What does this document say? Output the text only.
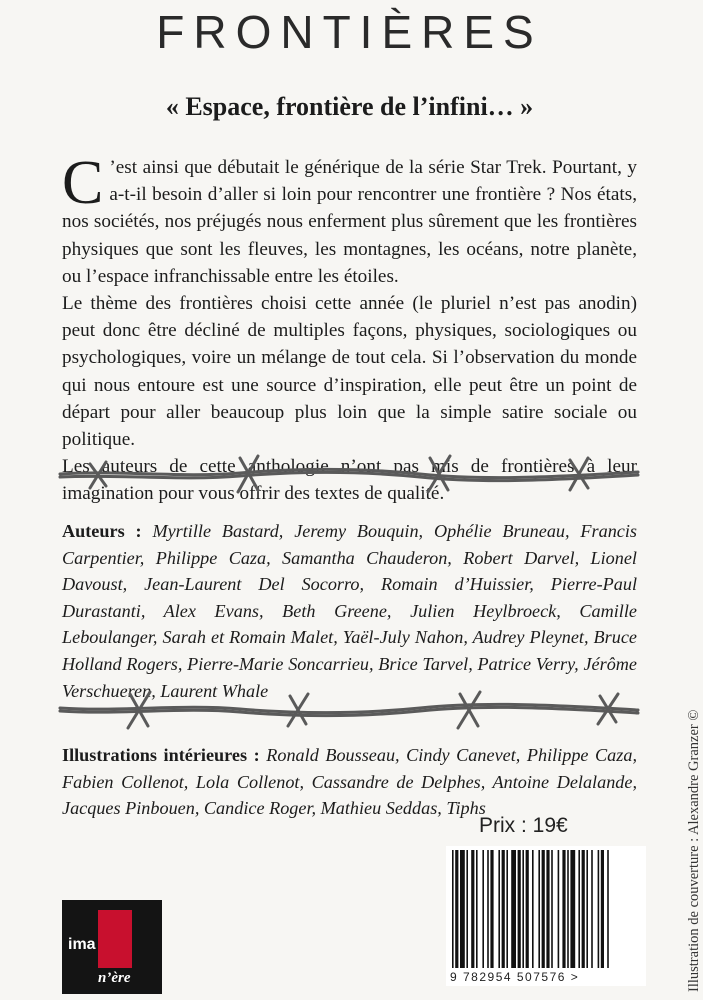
FRONTIÈRES
« Espace, frontière de l’infini… »

C ’est ainsi que débutait le générique de la série Star Trek. Pourtant, y a-t-il besoin d’aller si loin pour rencontrer une frontière ? Nos états, nos sociétés, nos préjugés nous enferment plus sûrement que les frontières physiques que sont les fleuves, les montagnes, les océans, notre planète, ou l’espace infranchissable entre les étoiles.

Le thème des frontières choisi cette année (le pluriel n’est pas anodin) peut donc être décliné de multiples façons, physiques, sociologiques ou psychologiques, voire un mélange de tout cela. Si l’observation du monde qui nous entoure est une source d’inspiration, elle peut être un point de départ pour aller beaucoup plus loin que la simple satire sociale ou politique.

Les auteurs de cette anthologie n’ont pas mis de frontières à leur imagination pour vous offrir des textes de qualité.

Auteurs : Myrtille Bastard, Jeremy Bouquin, Ophélie Bruneau, Francis Carpentier, Philippe Caza, Samantha Chauderon, Robert Darvel, Lionel Davoust, Jean-Laurent Del Socorro, Romain d’Huissier, Pierre-Paul Durastanti, Alex Evans, Beth Greene, Julien Heylbroeck, Camille Leboulanger, Sarah et Romain Malet, Yaël-July Nahon, Audrey Pleynet, Bruce Holland Rogers, Pierre-Marie Soncarrieu, Brice Tarvel, Patrice Verry, Jérôme Verschueren, Laurent Whale

Illustrations intérieures : Ronald Bousseau, Cindy Canevet, Philippe Caza, Fabien Collenot, Lola Collenot, Cassandre de Delphes, Antoine Delalande, Jacques Pinbouen, Candice Roger, Mathieu Seddas, Tiphs	Illustration de couverture : Alexandre Granzer ©
Prix : 19€
9 782954 507576 >
ima
n’ère
